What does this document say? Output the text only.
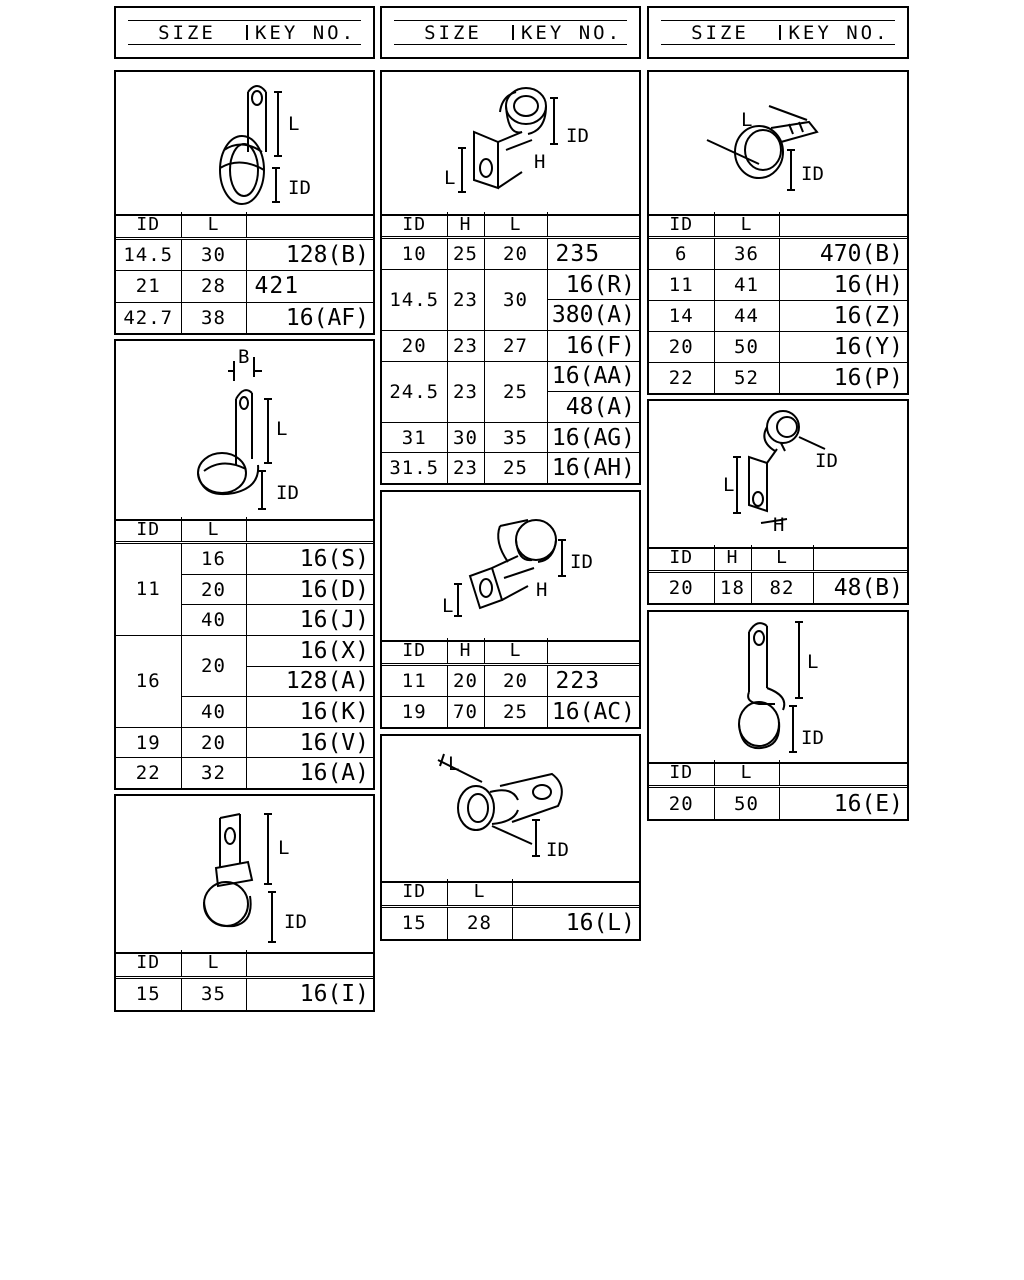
SIZE	KEY NO.	SIZE	KEY NO.	SIZE	KEY NO.
L
ID
ID	L	
14.5	30	128(B)
21	28	421
42.7	38	16(AF)
B
L
ID
ID	L	
11	16	16(S)
	20	16(D)
	40	16(J)
16	20	16(X)
		128(A)
	40	16(K)
19	20	16(V)
22	32	16(A)
L
ID
ID	L	
15	35	16(I)
ID
H
L
ID	H	L	
10	25	20	235
14.5	23	30	16(R)
			380(A)
20	23	27	16(F)
24.5	23	25	16(AA)
			48(A)
31	30	35	16(AG)
31.5	23	25	16(AH)
ID
H
L
ID	H	L	
11	20	20	223
19	70	25	16(AC)
L
ID
ID	L	
15	28	16(L)
L
ID
ID	L	
6	36	470(B)
11	41	16(H)
14	44	16(Z)
20	50	16(Y)
22	52	16(P)
ID
L
H
ID	H	L	
20	18	82	48(B)
L
ID
ID	L	
20	50	16(E)
